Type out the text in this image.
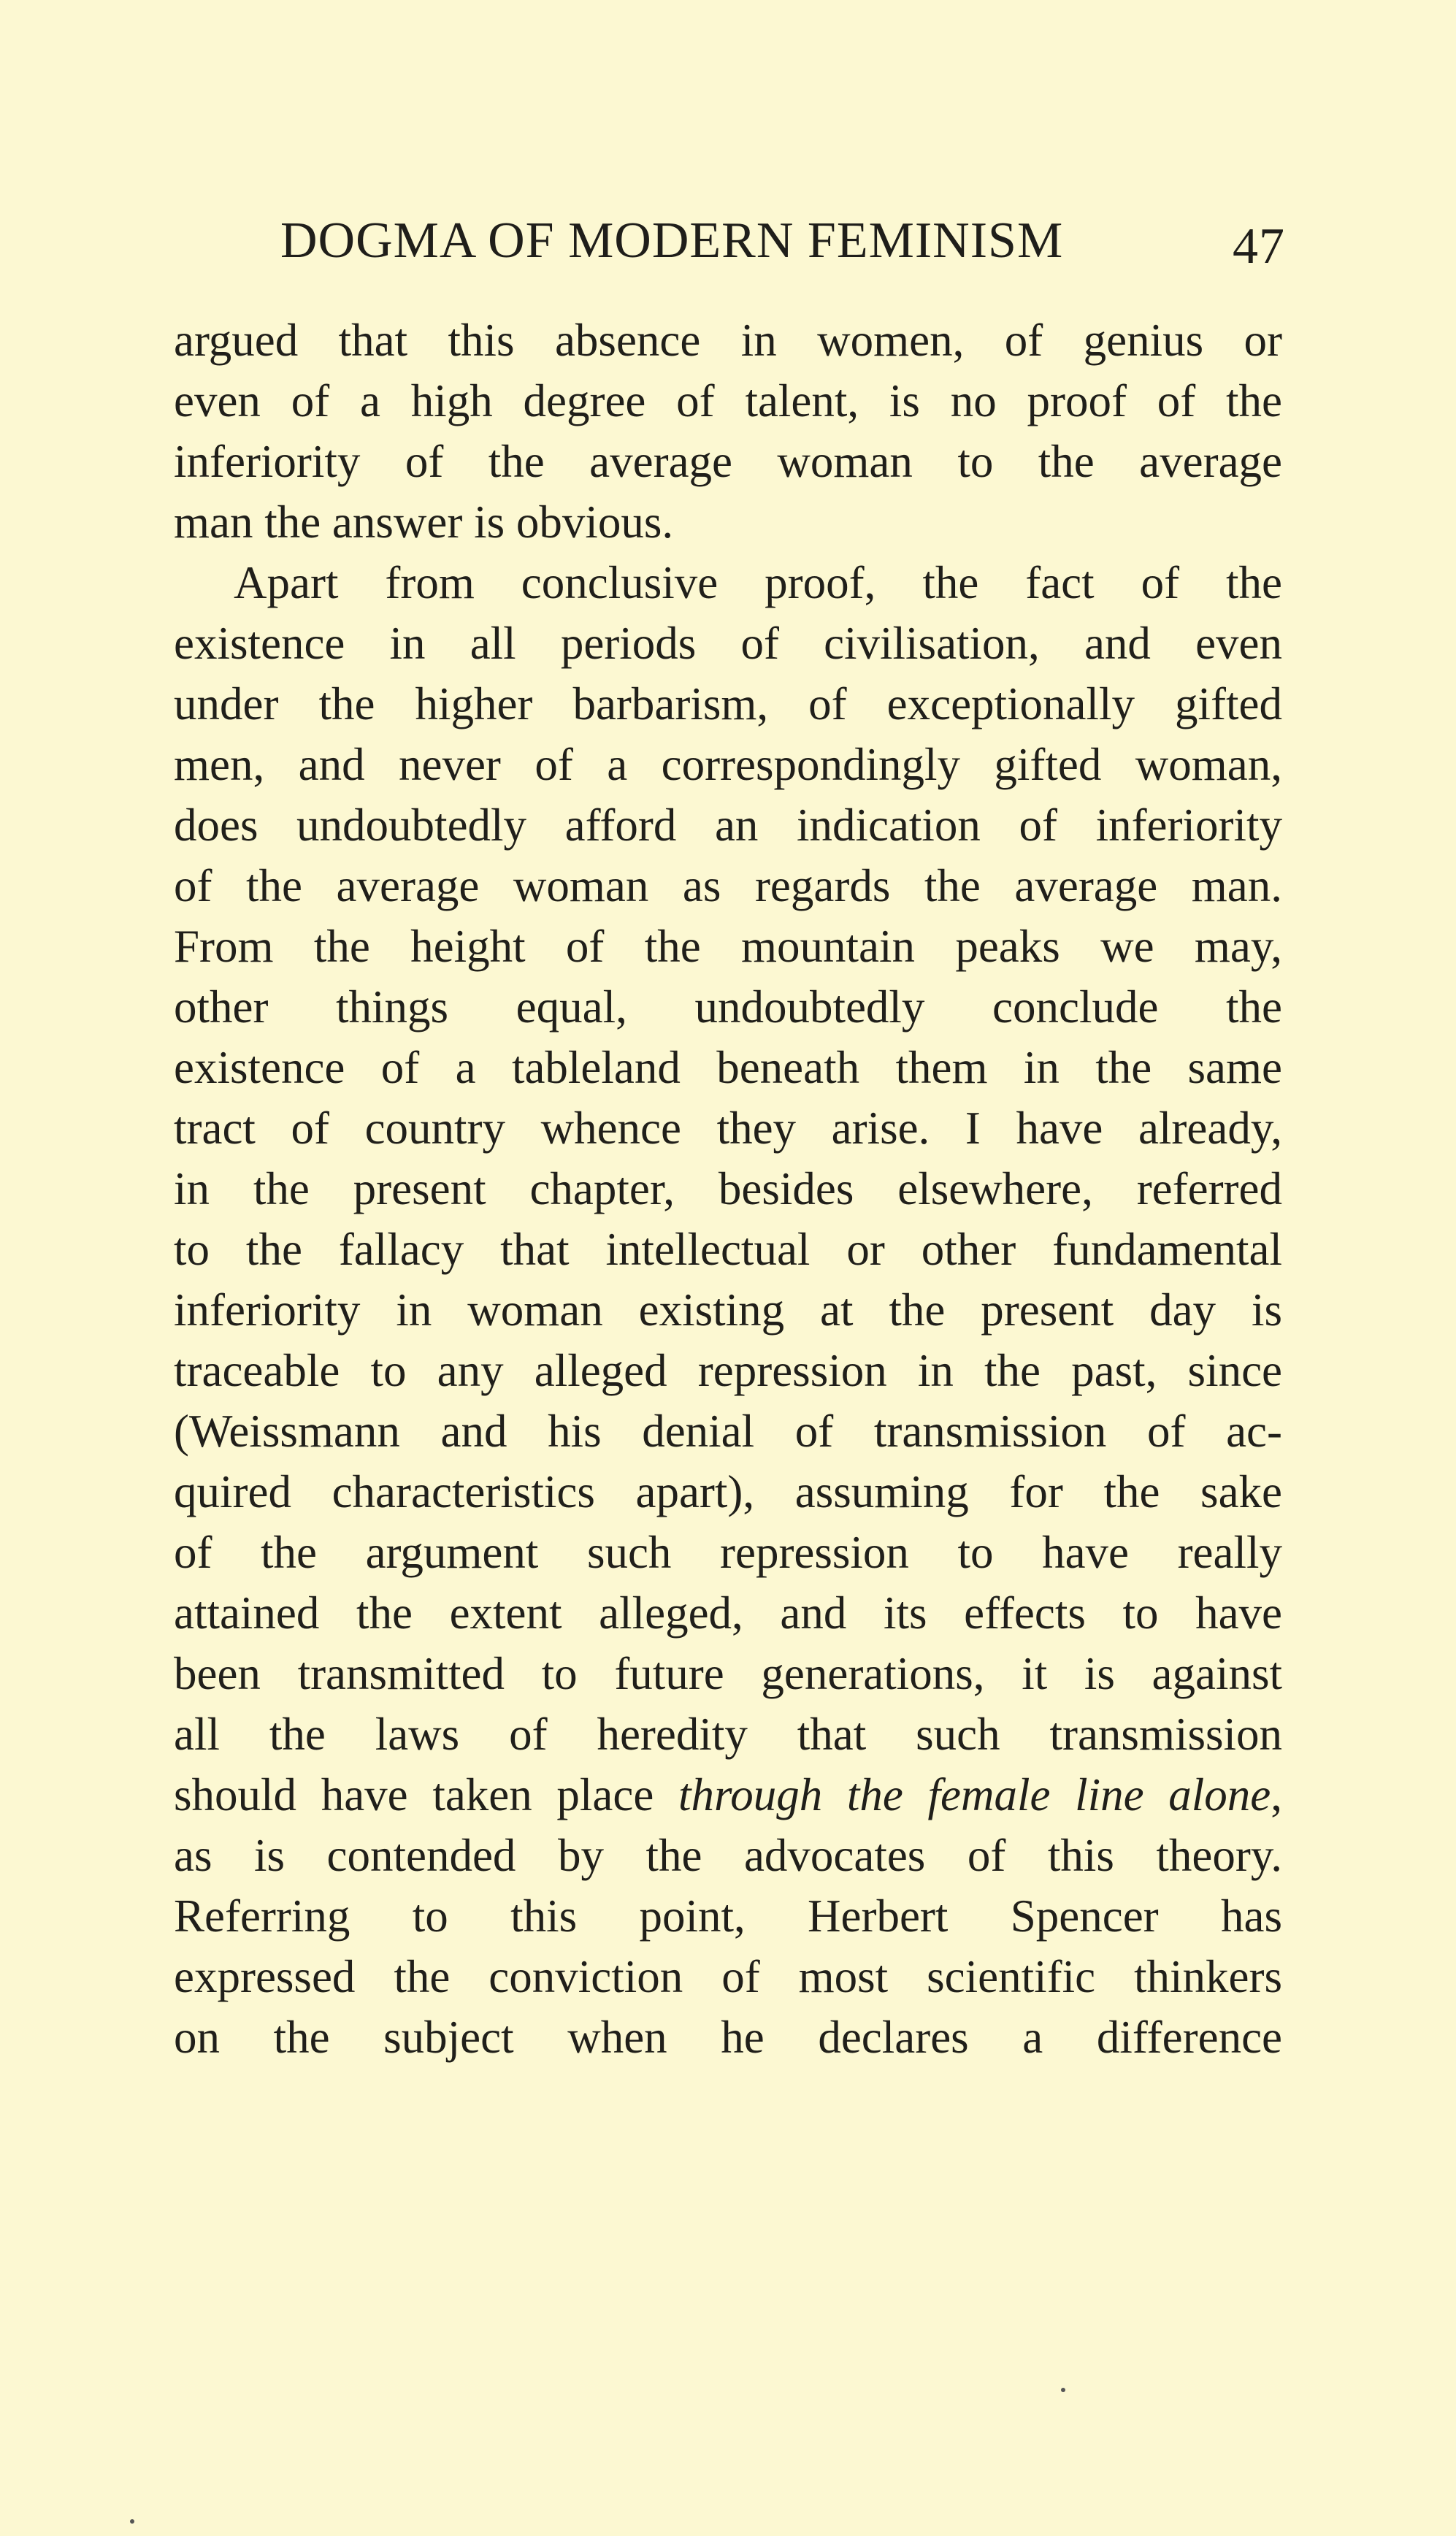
DOGMA OF MODERN FEMINISM	47
argued that this absence in women, of genius or
even of a high degree of talent, is no proof of the
inferiority of the average woman to the average
man the answer is obvious.
Apart from conclusive proof, the fact of the
existence in all periods of civilisation, and even
under the higher barbarism, of exceptionally gifted
men, and never of a correspondingly gifted woman,
does undoubtedly afford an indication of inferiority
of the average woman as regards the average man.
From the height of the mountain peaks we may,
other things equal, undoubtedly conclude the
existence of a tableland beneath them in the same
tract of country whence they arise. I have already,
in the present chapter, besides elsewhere, referred
to the fallacy that intellectual or other fundamental
inferiority in woman existing at the present day is
traceable to any alleged repression in the past, since
(Weissmann and his denial of transmission of ac-
quired characteristics apart), assuming for the sake
of the argument such repression to have really
attained the extent alleged, and its effects to have
been transmitted to future generations, it is against
all the laws of heredity that such transmission
should have taken place through the female line alone,
as is contended by the advocates of this theory.
Referring to this point, Herbert Spencer has
expressed the conviction of most scientific thinkers
on the subject when he declares a difference
